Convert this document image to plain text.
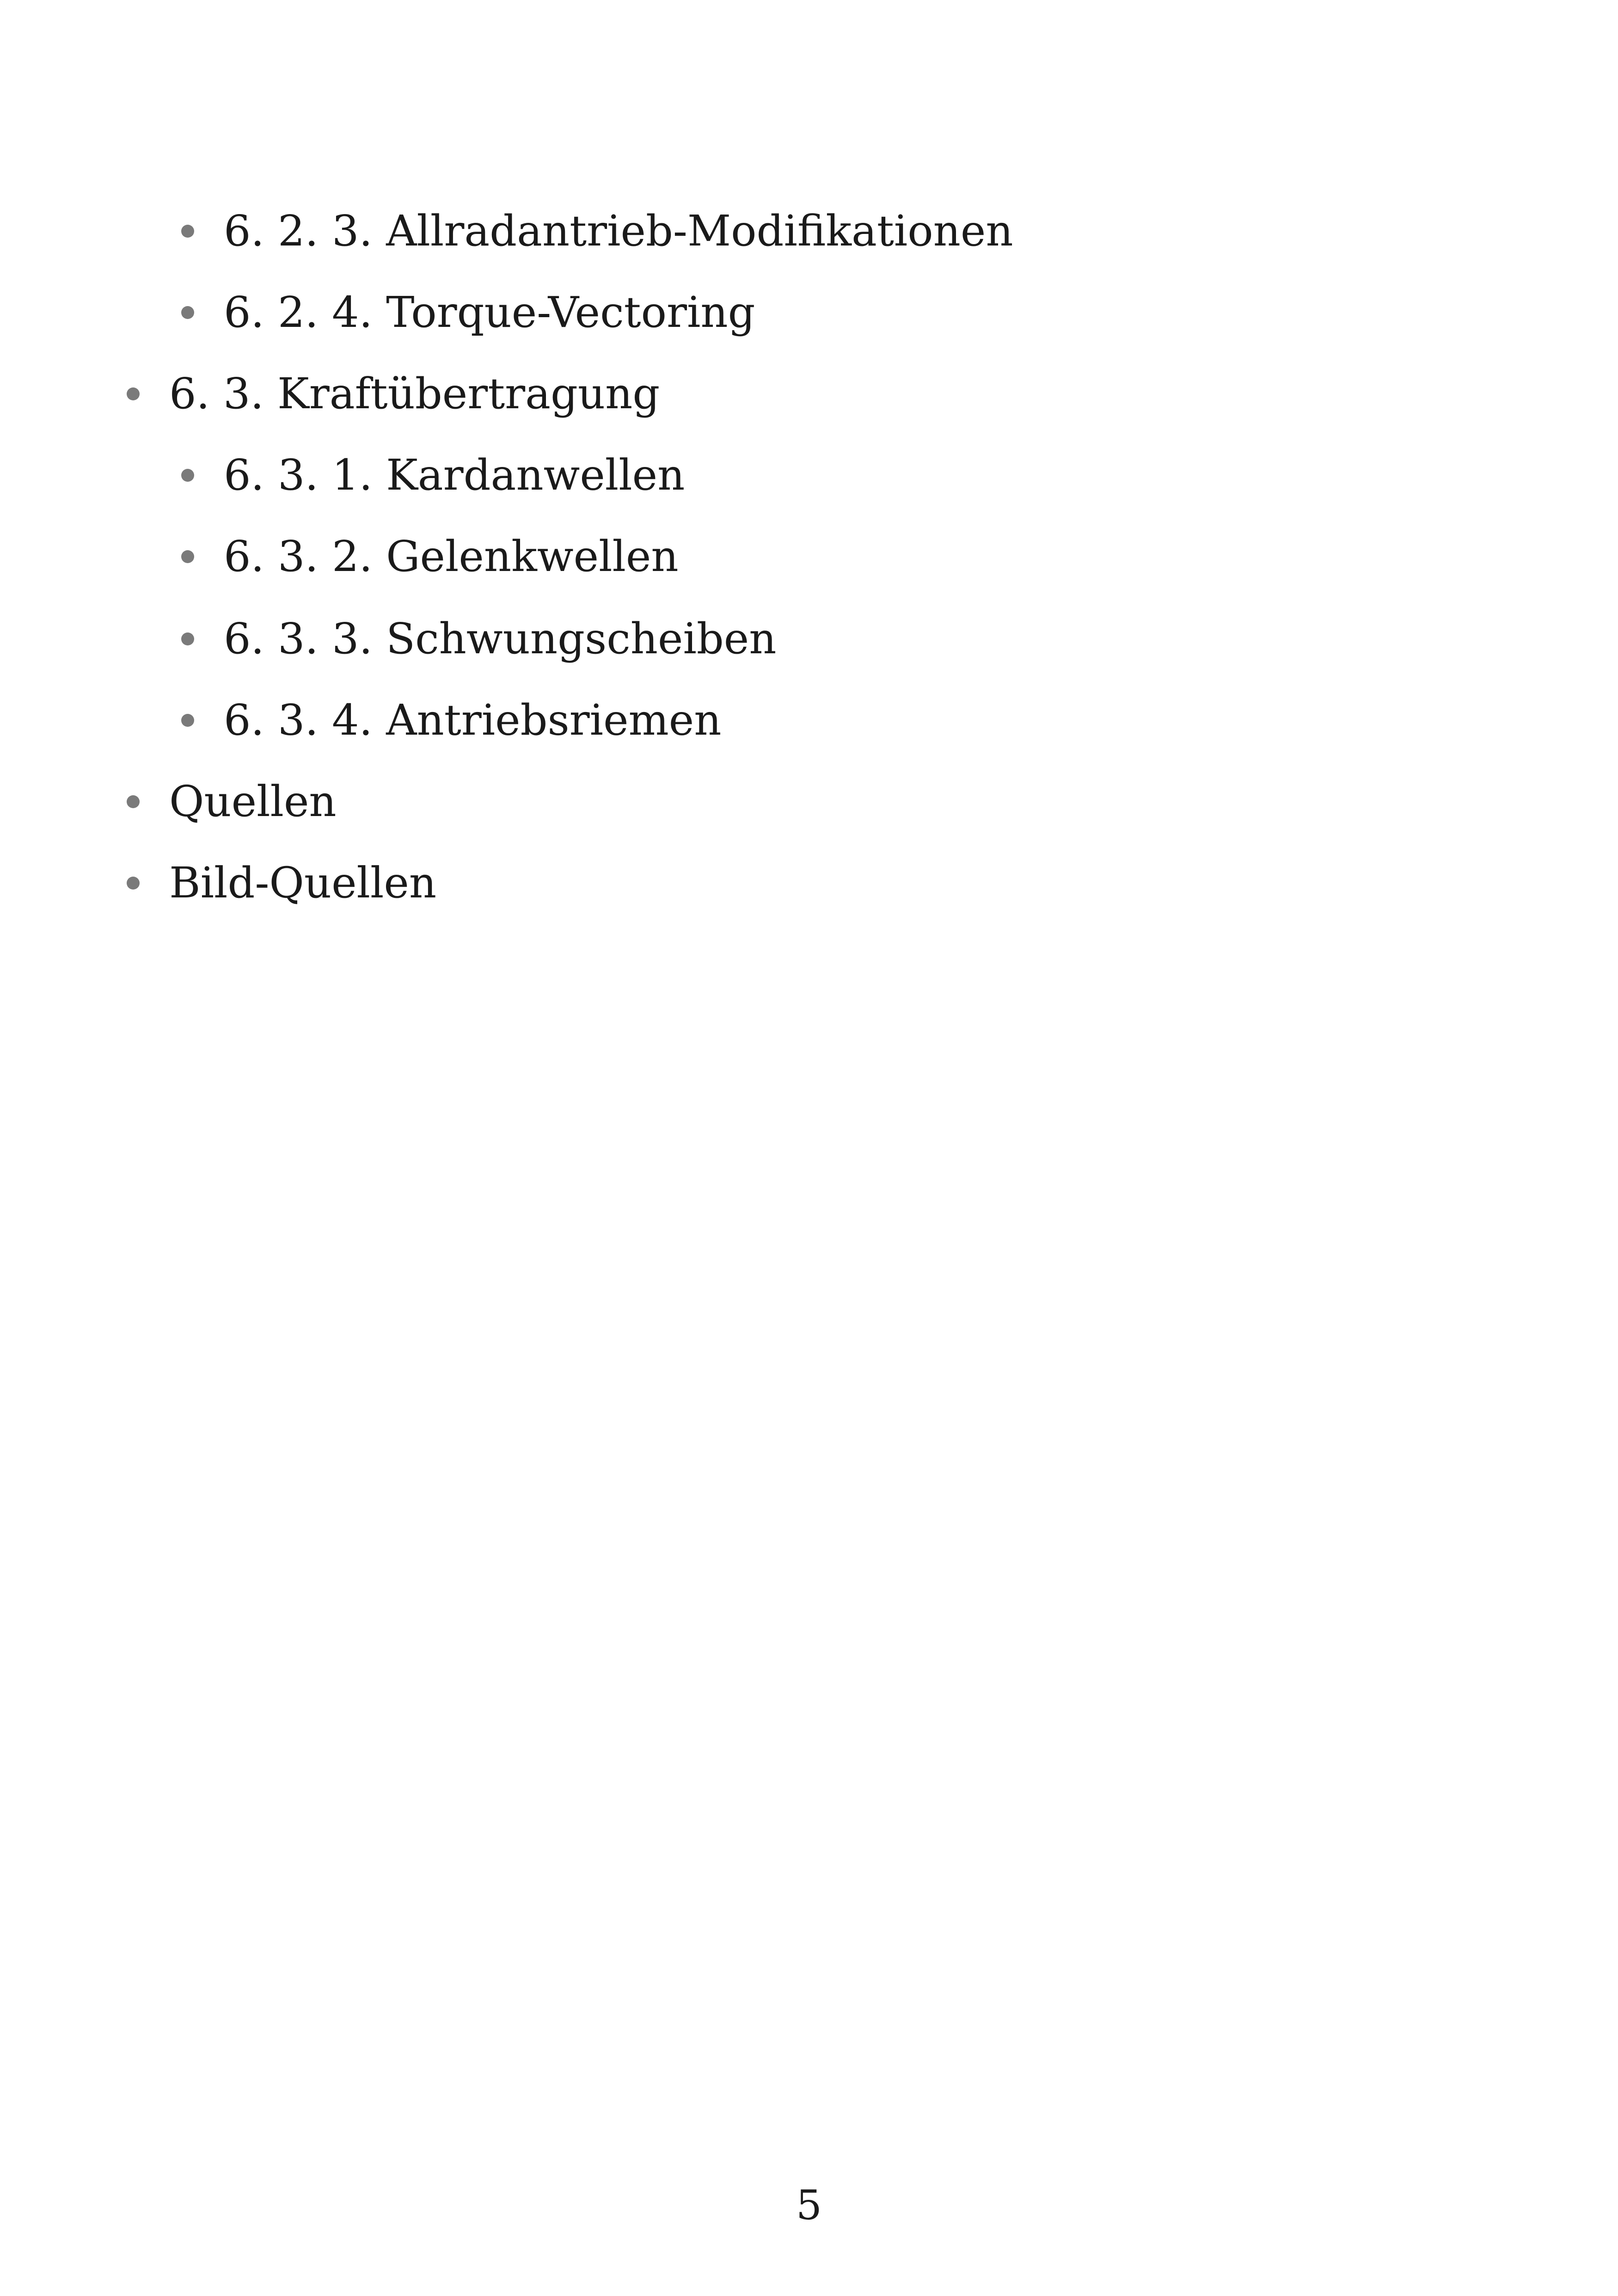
6. 2. 3. Allradantrieb-Modifikationen
6. 2. 4. Torque-Vectoring
6. 3. Kraftübertragung
6. 3. 1. Kardanwellen
6. 3. 2. Gelenkwellen
6. 3. 3. Schwungscheiben
6. 3. 4. Antriebsriemen
Quellen
Bild-Quellen
5
